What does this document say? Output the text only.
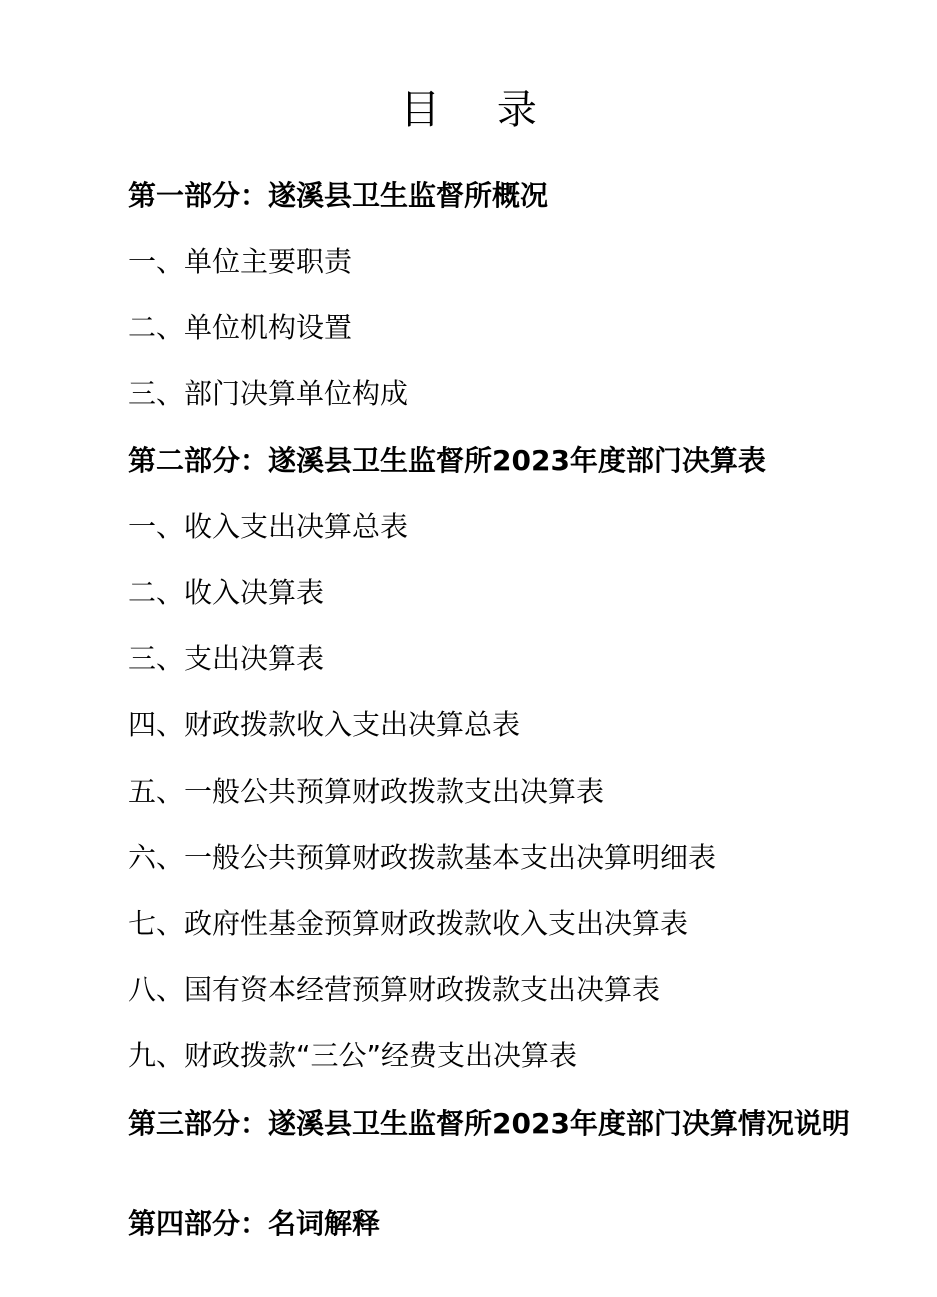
目 录
第一部分：遂溪县卫生监督所概况
一、单位主要职责
二、单位机构设置
三、部门决算单位构成
第二部分：遂溪县卫生监督所2023年度部门决算表
一、收入支出决算总表
二、收入决算表
三、支出决算表
四、财政拨款收入支出决算总表
五、一般公共预算财政拨款支出决算表
六、一般公共预算财政拨款基本支出决算明细表
七、政府性基金预算财政拨款收入支出决算表
八、国有资本经营预算财政拨款支出决算表
九、财政拨款“三公”经费支出决算表
第三部分：遂溪县卫生监督所2023年度部门决算情况说明
第四部分：名词解释
